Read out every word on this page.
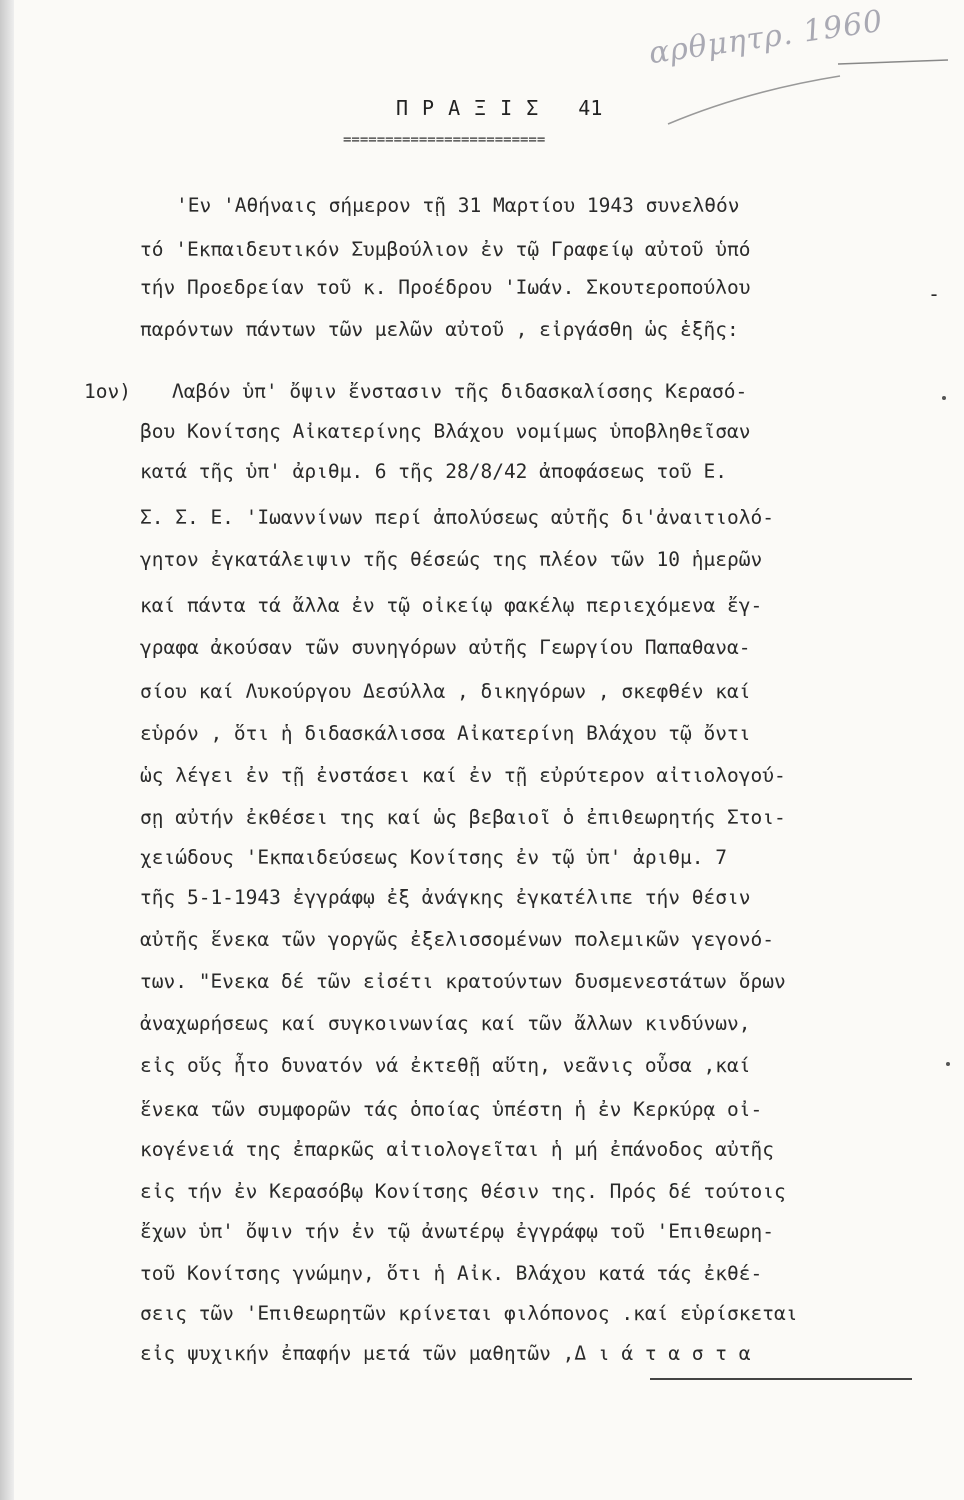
αρθμητρ. 1960
ΠΡΑΞΙΣ 41
========================
-
1ον)
'Εν 'Αθήναις σήμερον τῇ 31 Μαρτίου 1943 συνελθόν
τό 'Εκπαιδευτικόν Συμβούλιον ἐν τῷ Γραφείῳ αὐτοῦ ὑπό
τήν Προεδρείαν τοῦ κ. Προέδρου 'Ιωάν. Σκουτεροπούλου
παρόντων πάντων τῶν μελῶν αὐτοῦ , εἰργάσθη ὡς ἑξῆς:
Λαβόν ὑπ' ὄψιν ἔνστασιν τῆς διδασκαλίσσης Κερασό-
βου Κονίτσης Αἰκατερίνης Βλάχου νομίμως ὑποβληθεῖσαν
κατά τῆς ὑπ' ἀριθμ. 6 τῆς 28/8/42 ἀποφάσεως τοῦ Ε.
Σ. Σ. Ε. 'Ιωαννίνων περί ἀπολύσεως αὐτῆς δι'ἀναιτιολό-
γητον ἐγκατάλειψιν τῆς θέσεώς της πλέον τῶν 10 ἡμερῶν
καί πάντα τά ἄλλα ἐν τῷ οἰκείῳ φακέλῳ περιεχόμενα ἔγ-
γραφα ἀκούσαν τῶν συνηγόρων αὐτῆς Γεωργίου Παπαθανα-
σίου καί Λυκούργου Δεσύλλα , δικηγόρων , σκεφθέν καί
εὑρόν , ὅτι ἡ διδασκάλισσα Αἰκατερίνη Βλάχου τῷ ὄντι
ὡς λέγει ἐν τῇ ἐνστάσει καί ἐν τῇ εὐρύτερον αἰτιολογού-
σῃ αὐτήν ἐκθέσει της καί ὡς βεβαιοῖ ὁ ἐπιθεωρητής Στοι-
χειώδους 'Εκπαιδεύσεως Κονίτσης ἐν τῷ ὑπ' ἀριθμ. 7
τῆς 5-1-1943 ἐγγράφῳ ἐξ ἀνάγκης ἐγκατέλιπε τήν θέσιν
αὐτῆς ἕνεκα τῶν γοργῶς ἐξελισσομένων πολεμικῶν γεγονό-
των. "Ενεκα δέ τῶν εἰσέτι κρατούντων δυσμενεστάτων ὅρων
ἀναχωρήσεως καί συγκοινωνίας καί τῶν ἄλλων κινδύνων,
εἰς οὕς ἦτο δυνατόν νά ἐκτεθῇ αὕτη, νεᾶνις οὖσα ,καί
ἕνεκα τῶν συμφορῶν τάς ὁποίας ὑπέστη ἡ ἐν Κερκύρᾳ οἰ-
κογένειά της ἐπαρκῶς αἰτιολογεῖται ἡ μή ἐπάνοδος αὐτῆς
εἰς τήν ἐν Κερασόβῳ Κονίτσης θέσιν της. Πρός δέ τούτοις
ἔχων ὑπ' ὄψιν τήν ἐν τῷ ἀνωτέρῳ ἐγγράφῳ τοῦ 'Επιθεωρη-
τοῦ Κονίτσης γνώμην, ὅτι ἡ Αἰκ. Βλάχου κατά τάς ἐκθέ-
σεις τῶν 'Επιθεωρητῶν κρίνεται φιλόπονος .καί εὑρίσκεται
εἰς ψυχικήν ἐπαφήν μετά τῶν μαθητῶν ,Δ ι ά τ α σ τ α
